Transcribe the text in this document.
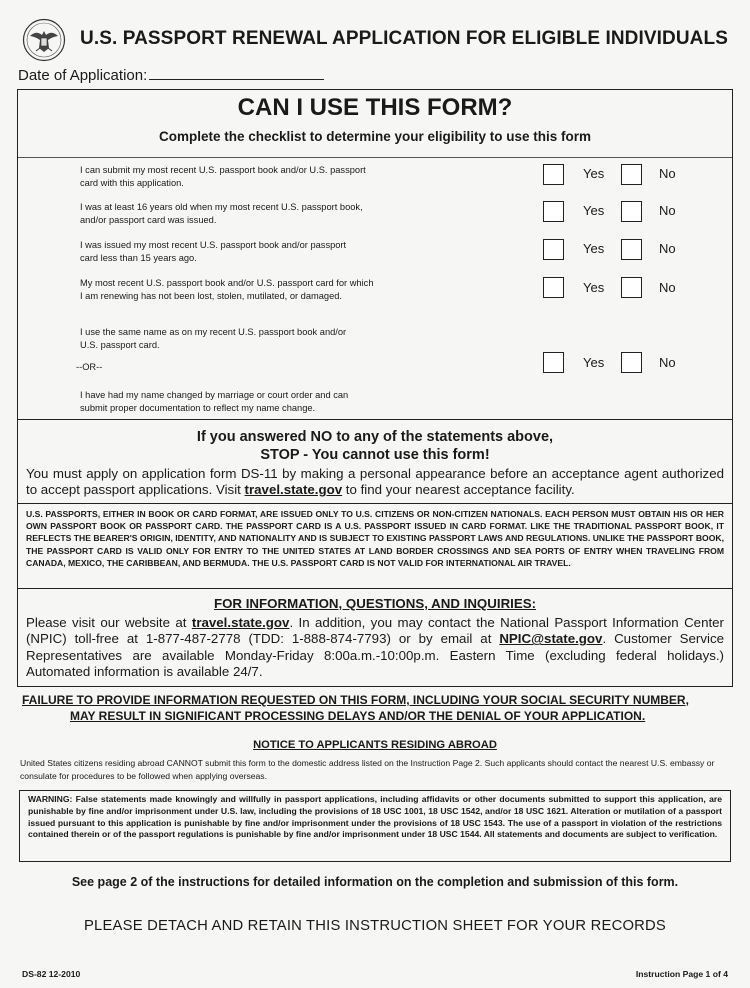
U.S. PASSPORT RENEWAL APPLICATION FOR ELIGIBLE INDIVIDUALS
Date of Application:
CAN I USE THIS FORM?
Complete the checklist to determine your eligibility to use this form
I can submit my most recent U.S. passport book and/or U.S. passport
card with this application.
Yes	No
I was at least 16 years old when my most recent U.S. passport book,
and/or passport card was issued.
Yes	No
I was issued my most recent U.S. passport book and/or passport
card less than 15 years ago.
Yes	No
My most recent U.S. passport book and/or U.S. passport card for which
I am renewing has not been lost, stolen, mutilated, or damaged.
Yes	No
I use the same name as on my recent U.S. passport book and/or
U.S. passport card.
--OR--
I have had my name changed by marriage or court order and can
submit proper documentation to reflect my name change.
Yes	No
If you answered NO to any of the statements above,
STOP - You cannot use this form!
You must apply on application form DS-11 by making a personal appearance before an acceptance agent authorized to accept passport applications. Visit travel.state.gov to find your nearest acceptance facility.
U.S. PASSPORTS, EITHER IN BOOK OR CARD FORMAT, ARE ISSUED ONLY TO U.S. CITIZENS OR NON-CITIZEN NATIONALS. EACH PERSON MUST OBTAIN HIS OR HER OWN PASSPORT BOOK OR PASSPORT CARD. THE PASSPORT CARD IS A U.S. PASSPORT ISSUED IN CARD FORMAT. LIKE THE TRADITIONAL PASSPORT BOOK, IT REFLECTS THE BEARER'S ORIGIN, IDENTITY, AND NATIONALITY AND IS SUBJECT TO EXISTING PASSPORT LAWS AND REGULATIONS. UNLIKE THE PASSPORT BOOK, THE PASSPORT CARD IS VALID ONLY FOR ENTRY TO THE UNITED STATES AT LAND BORDER CROSSINGS AND SEA PORTS OF ENTRY WHEN TRAVELING FROM CANADA, MEXICO, THE CARIBBEAN, AND BERMUDA. THE U.S. PASSPORT CARD IS NOT VALID FOR INTERNATIONAL AIR TRAVEL.
FOR INFORMATION, QUESTIONS, AND INQUIRIES:
Please visit our website at travel.state.gov. In addition, you may contact the National Passport Information Center (NPIC) toll-free at 1-877-487-2778 (TDD: 1-888-874-7793) or by email at NPIC@state.gov. Customer Service Representatives are available Monday-Friday 8:00a.m.-10:00p.m. Eastern Time (excluding federal holidays.) Automated information is available 24/7.
FAILURE TO PROVIDE INFORMATION REQUESTED ON THIS FORM, INCLUDING YOUR SOCIAL SECURITY NUMBER,
MAY RESULT IN SIGNIFICANT PROCESSING DELAYS AND/OR THE DENIAL OF YOUR APPLICATION.
NOTICE TO APPLICANTS RESIDING ABROAD
United States citizens residing abroad CANNOT submit this form to the domestic address listed on the Instruction Page 2. Such applicants should contact the nearest U.S. embassy or consulate for procedures to be followed when applying overseas.
WARNING: False statements made knowingly and willfully in passport applications, including affidavits or other documents submitted to support this application, are punishable by fine and/or imprisonment under U.S. law, including the provisions of 18 USC 1001, 18 USC 1542, and/or 18 USC 1621. Alteration or mutilation of a passport issued pursuant to this application is punishable by fine and/or imprisonment under the provisions of 18 USC 1543. The use of a passport in violation of the restrictions contained therein or of the passport regulations is punishable by fine and/or imprisonment under 18 USC 1544. All statements and documents are subject to verification.
See page 2 of the instructions for detailed information on the completion and submission of this form.
PLEASE DETACH AND RETAIN THIS INSTRUCTION SHEET FOR YOUR RECORDS
DS-82 12-2010	Instruction Page 1 of 4
